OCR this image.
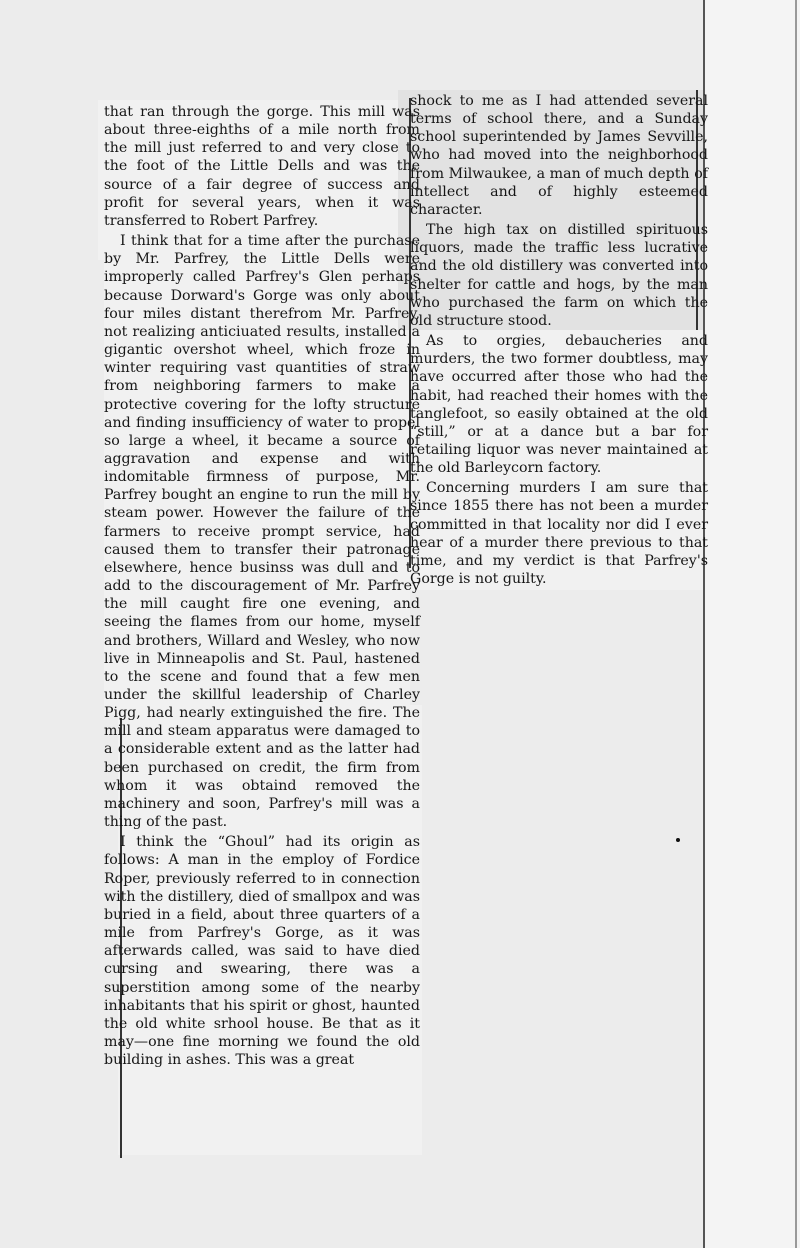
that ran through the gorge. This mill was about three-eighths of a mile north from the mill just referred to and very close to the foot of the Little Dells and was the source of a fair degree of success and profit for several years, when it was transferred to Robert Parfrey.

I think that for a time after the purchase by Mr. Parfrey, the Little Dells were improperly called Parfrey's Glen perhaps because Dorward's Gorge was only about four miles distant therefrom Mr. Parfrey, not realizing anticiuated results, installed a gigantic overshot wheel, which froze in winter requiring vast quantities of straw from neighboring farmers to make a protective covering for the lofty structure and finding insufficiency of water to propel so large a wheel, it became a source of aggravation and expense and with indomitable firmness of purpose, Mr. Parfrey bought an engine to run the mill by steam power. However the failure of the farmers to receive prompt service, had caused them to transfer their patronage elsewhere, hence businss was dull and to add to the discouragement of Mr. Parfrey the mill caught fire one evening, and seeing the flames from our home, myself and brothers, Willard and Wesley, who now live in Minneapolis and St. Paul, hastened to the scene and found that a few men under the skillful leadership of Charley Pigg, had nearly extinguished the fire. The mill and steam apparatus were damaged to a considerable extent and as the latter had been purchased on credit, the firm from whom it was obtaind removed the machinery and soon, Parfrey's mill was a thing of the past.

I think the “Ghoul” had its origin as follows: A man in the employ of Fordice Roper, previously referred to in connection with the distillery, died of smallpox and was buried in a field, about three quarters of a mile from Parfrey's Gorge, as it was afterwards called, was said to have died cursing and swearing, there was a superstition among some of the nearby inhabitants that his spirit or ghost, haunted the old white srhool house. Be that as it may—one fine morning we found the old building in ashes. This was a great

shock to me as I had attended several terms of school there, and a Sunday school superintended by James Sevville, who had moved into the neighborhood from Milwaukee, a man of much depth of intellect and of highly esteemed character.

The high tax on distilled spirituous liquors, made the traffic less lucrative and the old distillery was converted into shelter for cattle and hogs, by the man who purchased the farm on which the old structure stood.

As to orgies, debaucheries and murders, the two former doubtless, may have occurred after those who had the habit, had reached their homes with the tanglefoot, so easily obtained at the old “still,” or at a dance but a bar for retailing liquor was never maintained at the old Barleycorn factory.

Concerning murders I am sure that since 1855 there has not been a murder committed in that locality nor did I ever hear of a murder there previous to that time, and my verdict is that Parfrey's Gorge is not guilty.
